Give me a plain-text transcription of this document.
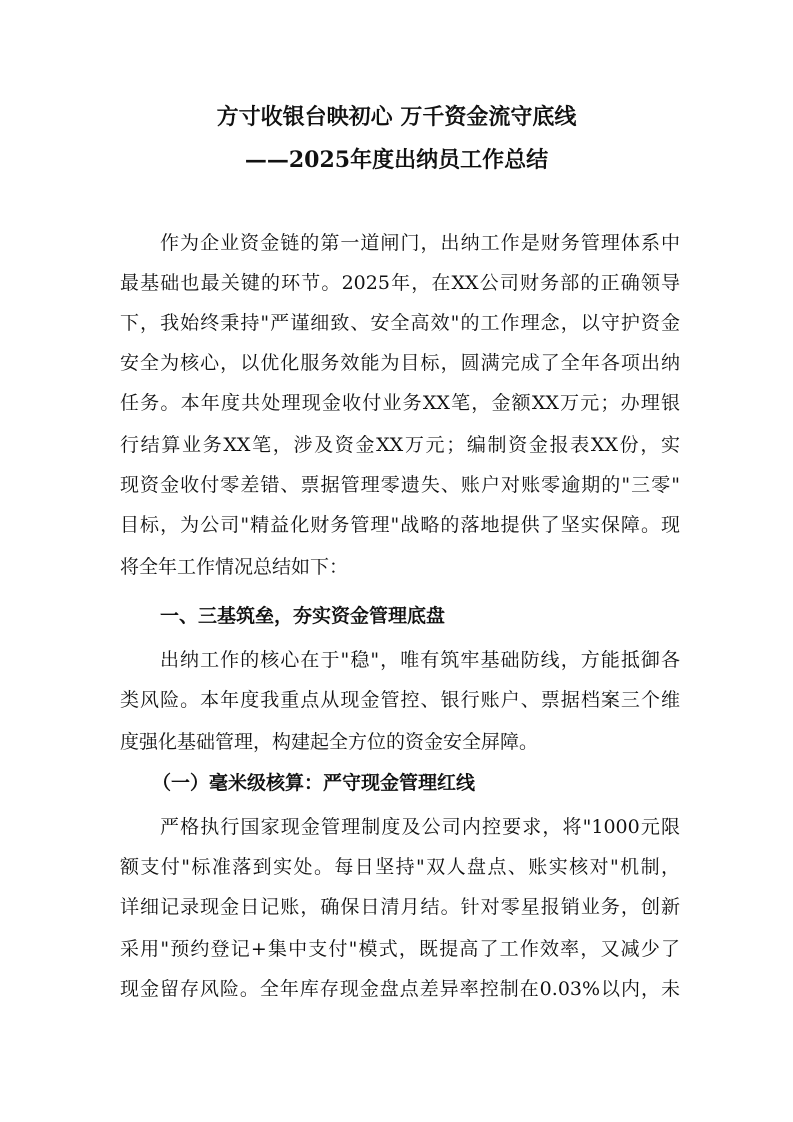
方寸收银台映初心 万千资金流守底线
——2025年度出纳员工作总结
作为企业资金链的第一道闸门，出纳工作是财务管理体系中
最基础也最关键的环节。2025年，在XX公司财务部的正确领导
下，我始终秉持"严谨细致、安全高效"的工作理念，以守护资金
安全为核心，以优化服务效能为目标，圆满完成了全年各项出纳
任务。本年度共处理现金收付业务XX笔，金额XX万元；办理银
行结算业务XX笔，涉及资金XX万元；编制资金报表XX份，实
现资金收付零差错、票据管理零遗失、账户对账零逾期的"三零"
目标，为公司"精益化财务管理"战略的落地提供了坚实保障。现
将全年工作情况总结如下：
一、三基筑垒，夯实资金管理底盘
出纳工作的核心在于"稳"，唯有筑牢基础防线，方能抵御各
类风险。本年度我重点从现金管控、银行账户、票据档案三个维
度强化基础管理，构建起全方位的资金安全屏障。
（一）毫米级核算：严守现金管理红线
严格执行国家现金管理制度及公司内控要求，将"1000元限
额支付"标准落到实处。每日坚持"双人盘点、账实核对"机制，
详细记录现金日记账，确保日清月结。针对零星报销业务，创新
采用"预约登记+集中支付"模式，既提高了工作效率，又减少了
现金留存风险。全年库存现金盘点差异率控制在0.03%以内，未
